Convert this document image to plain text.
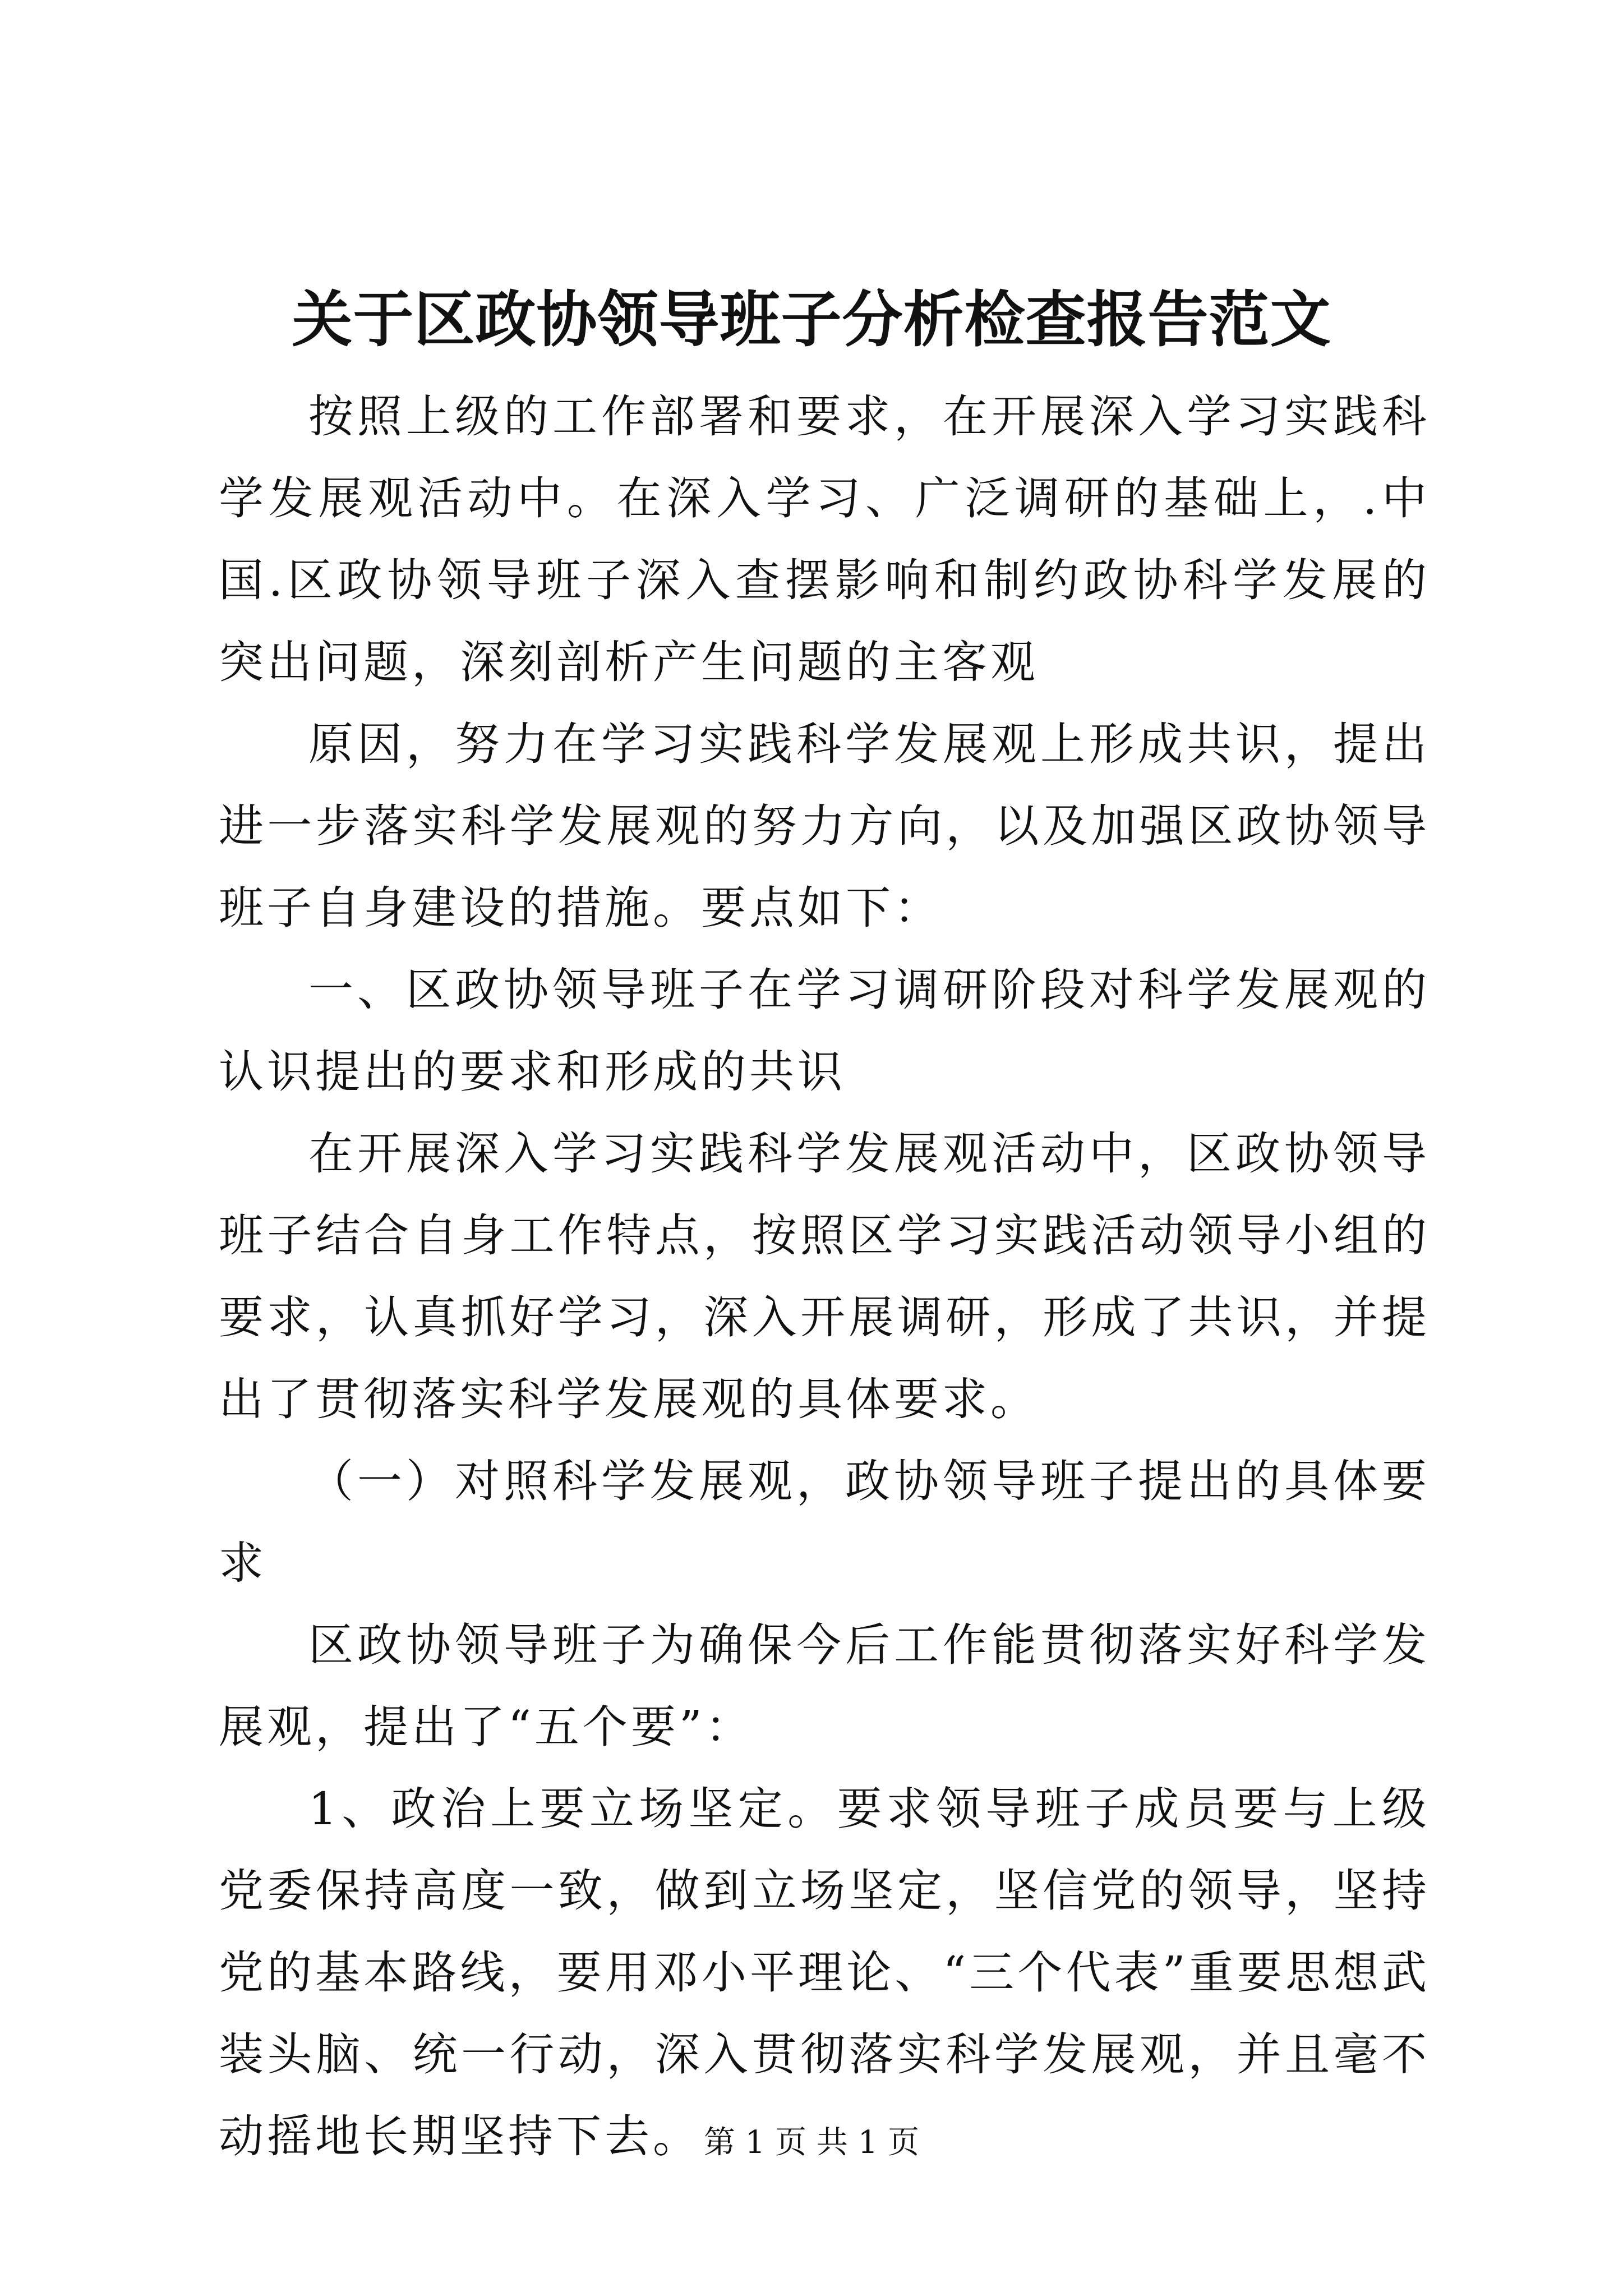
关于区政协领导班子分析检查报告范文

按照上级的工作部署和要求，在开展深入学习实践科学发展观活动中。在深入学习、广泛调研的基础上，.中国.区政协领导班子深入查摆影响和制约政协科学发展的突出问题，深刻剖析产生问题的主客观

原因，努力在学习实践科学发展观上形成共识，提出进一步落实科学发展观的努力方向，以及加强区政协领导班子自身建设的措施。要点如下：

一、区政协领导班子在学习调研阶段对科学发展观的认识提出的要求和形成的共识

在开展深入学习实践科学发展观活动中，区政协领导班子结合自身工作特点，按照区学习实践活动领导小组的要求，认真抓好学习，深入开展调研，形成了共识，并提出了贯彻落实科学发展观的具体要求。

（一）对照科学发展观，政协领导班子提出的具体要求

区政协领导班子为确保今后工作能贯彻落实好科学发展观，提出了“五个要”：

1、政治上要立场坚定。要求领导班子成员要与上级党委保持高度一致，做到立场坚定，坚信党的领导，坚持党的基本路线，要用邓小平理论、“三个代表”重要思想武装头脑、统一行动，深入贯彻落实科学发展观，并且毫不动摇地长期坚持下去。 第 1 页 共 1 页
